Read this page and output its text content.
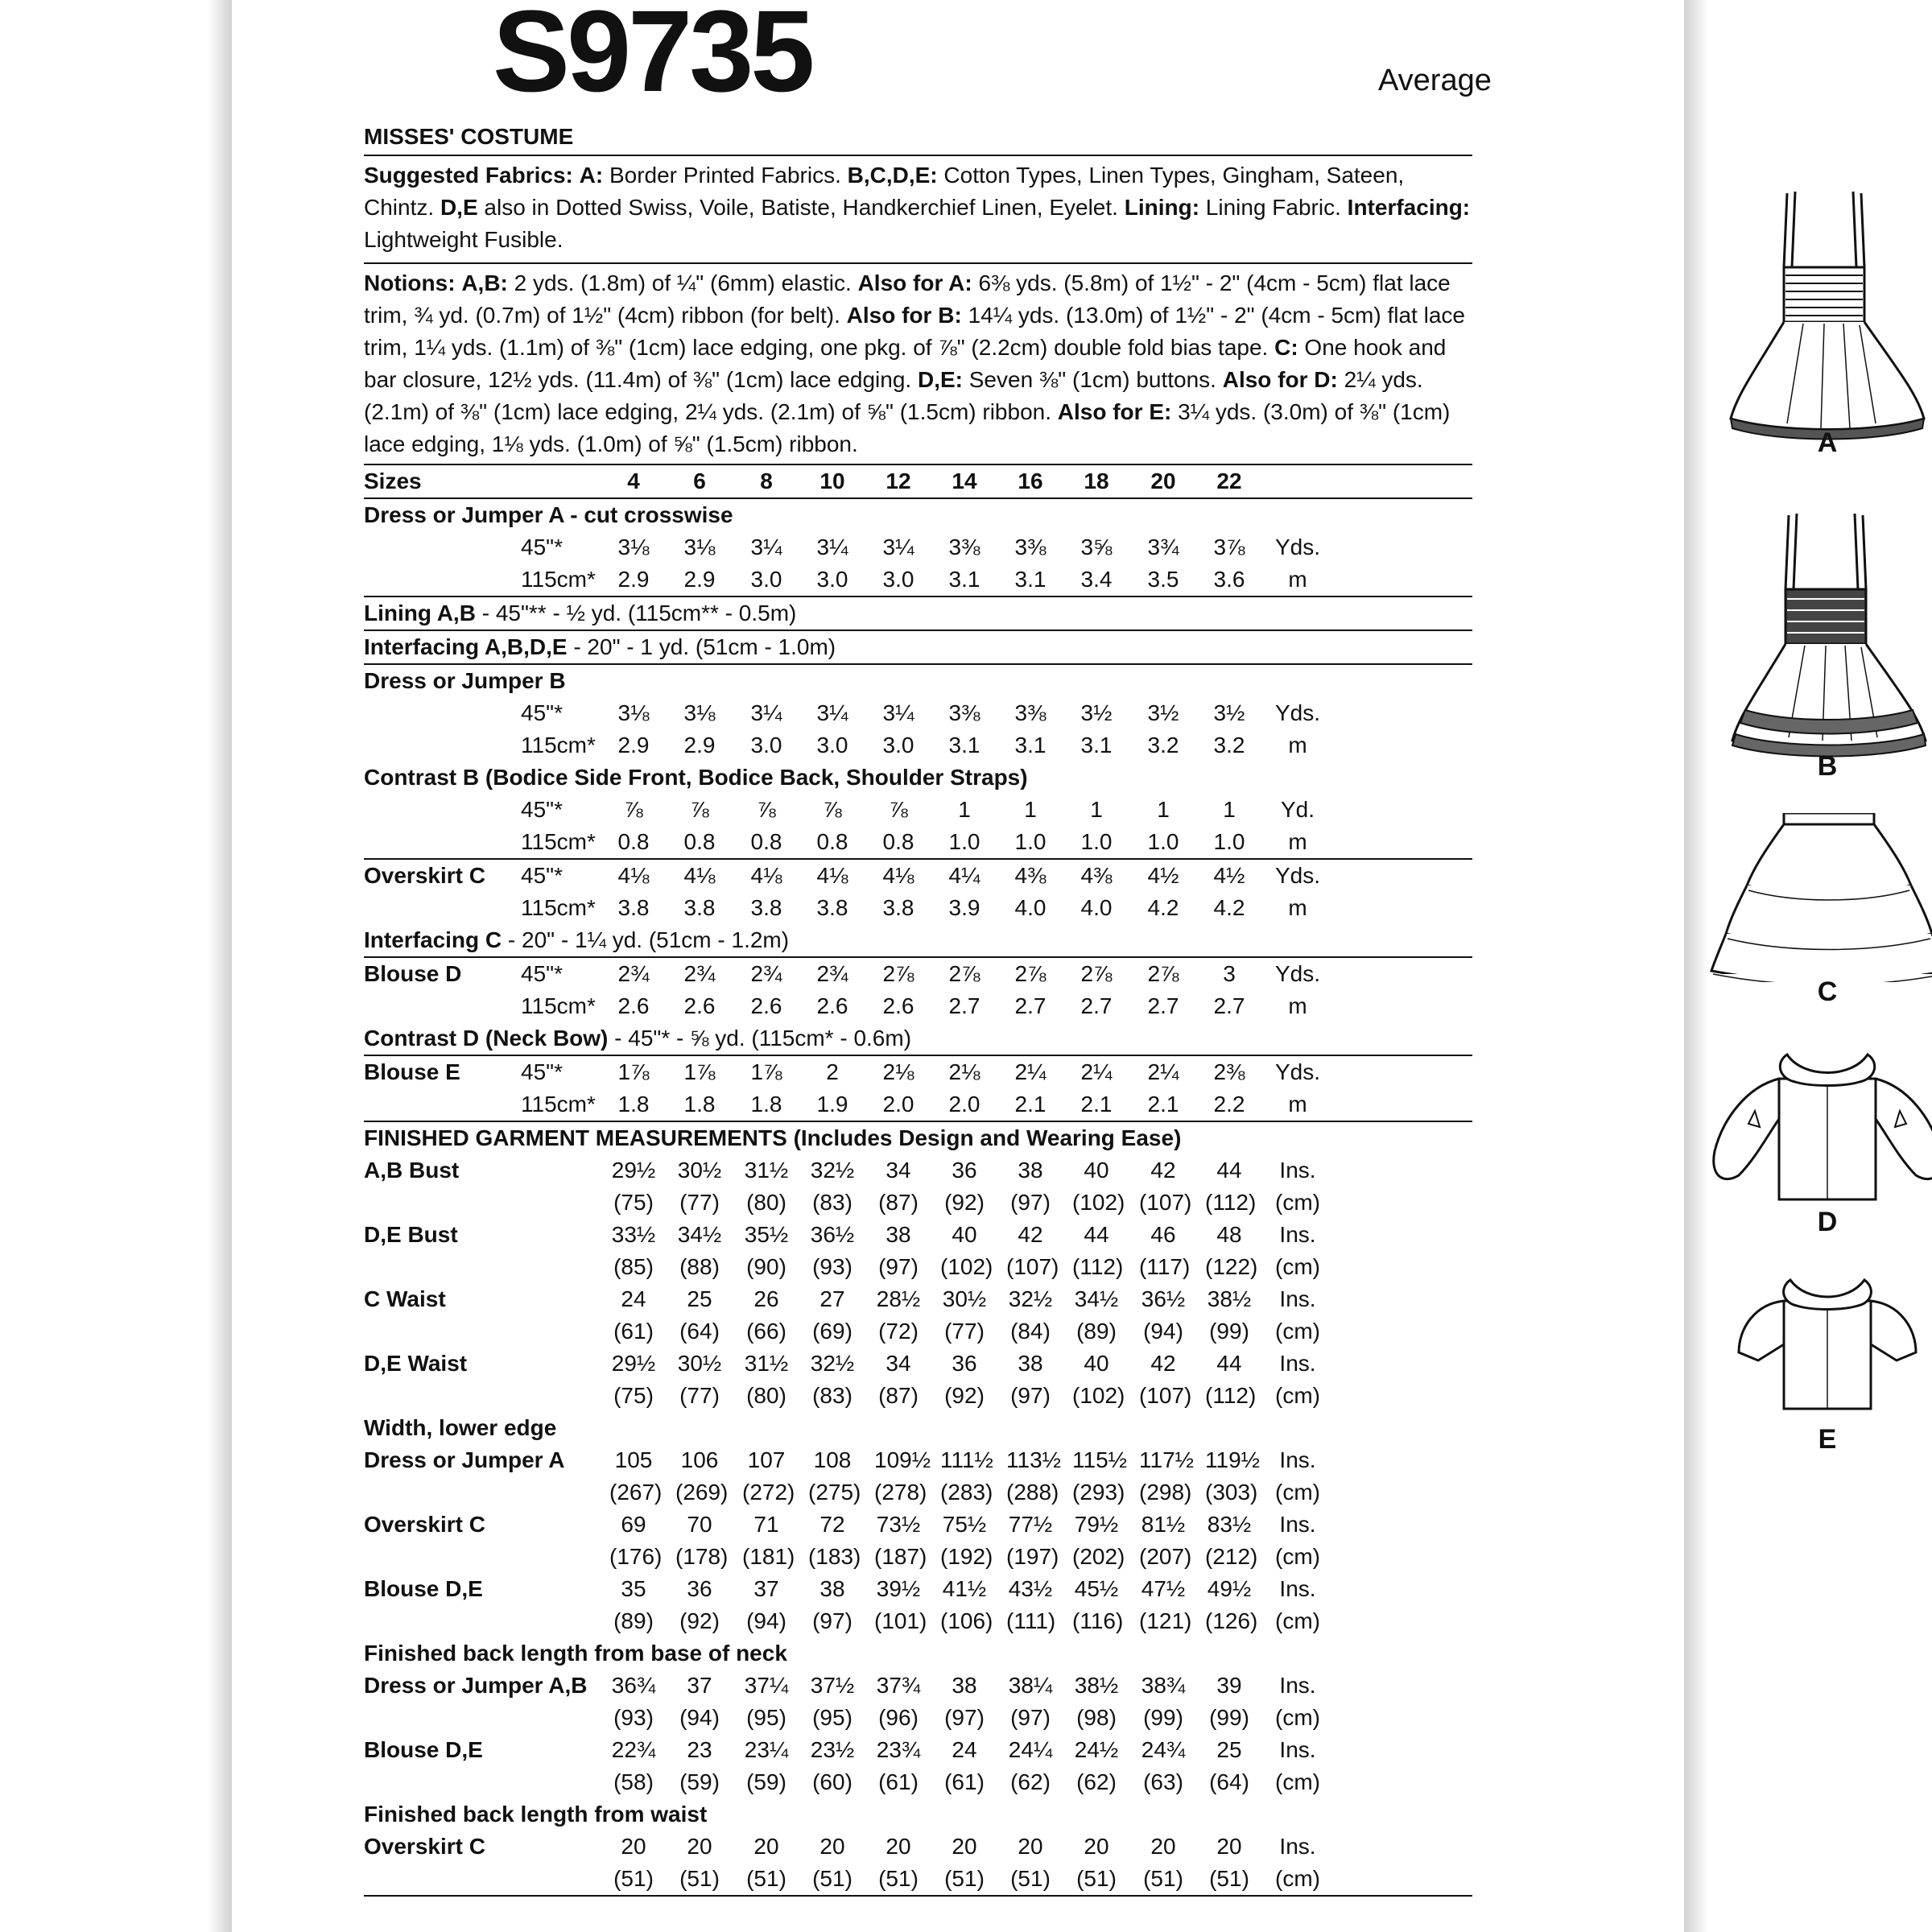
S9735	Average
MISSES' COSTUME

Suggested Fabrics: A: Border Printed Fabrics. B,C,D,E: Cotton Types, Linen Types, Gingham, Sateen, Chintz. D,E also in Dotted Swiss, Voile, Batiste, Handkerchief Linen, Eyelet. Lining: Lining Fabric. Interfacing: Lightweight Fusible.

Notions: A,B: 2 yds. (1.8m) of ¼" (6mm) elastic. Also for A: 6⅜ yds. (5.8m) of 1½" - 2" (4cm - 5cm) flat lace trim, ¾ yd. (0.7m) of 1½" (4cm) ribbon (for belt). Also for B: 14¼ yds. (13.0m) of 1½" - 2" (4cm - 5cm) flat lace trim, 1¼ yds. (1.1m) of ⅜" (1cm) lace edging, one pkg. of ⅞" (2.2cm) double fold bias tape. C: One hook and bar closure, 12½ yds. (11.4m) of ⅜" (1cm) lace edging. D,E: Seven ⅜" (1cm) buttons. Also for D: 2¼ yds. (2.1m) of ⅜" (1cm) lace edging, 2¼ yds. (2.1m) of ⅝" (1.5cm) ribbon. Also for E: 3¼ yds. (3.0m) of ⅜" (1cm) lace edging, 1⅛ yds. (1.0m) of ⅝" (1.5cm) ribbon.

Sizes	4	6	8	10	12	14	16	18	20	22
Dress or Jumper A - cut crosswise
45"*	3⅛	3⅛	3¼	3¼	3¼	3⅜	3⅜	3⅝	3¾	3⅞	Yds.
115cm* 2.9	2.9	3.0	3.0	3.0	3.1	3.1	3.4	3.5	3.6	m
Lining A,B - 45"** - ½ yd. (115cm** - 0.5m)
Interfacing A,B,D,E - 20" - 1 yd. (51cm - 1.0m)
Dress or Jumper B
45"*	3⅛	3⅛	3¼	3¼	3¼	3⅜	3⅜	3½	3½	3½	Yds.
115cm* 2.9	2.9	3.0	3.0	3.0	3.1	3.1	3.1	3.2	3.2	m
Contrast B (Bodice Side Front, Bodice Back, Shoulder Straps)
45"*	⅞	⅞	⅞	⅞	⅞	1	1	1	1	1	Yd.
115cm* 0.8	0.8	0.8	0.8	0.8	1.0	1.0	1.0	1.0	1.0	m
Overskirt C 45"*	4⅛	4⅛	4⅛	4⅛	4⅛	4¼	4⅜	4⅜	4½	4½	Yds.
115cm* 3.8	3.8	3.8	3.8	3.8	3.9	4.0	4.0	4.2	4.2	m
Interfacing C - 20" - 1¼ yd. (51cm - 1.2m)
Blouse D	45"*	2¾	2¾	2¾	2¾	2⅞	2⅞	2⅞	2⅞	2⅞	3	Yds.
115cm* 2.6	2.6	2.6	2.6	2.6	2.7	2.7	2.7	2.7	2.7	m
Contrast D (Neck Bow) - 45"* - ⅝ yd. (115cm* - 0.6m)
Blouse E	45"*	1⅞	1⅞	1⅞	2	2⅛	2⅛	2¼	2¼	2¼	2⅜	Yds.
115cm* 1.8	1.8	1.8	1.9	2.0	2.0	2.1	2.1	2.1	2.2	m
FINISHED GARMENT MEASUREMENTS (Includes Design and Wearing Ease)
A,B Bust	29½ 30½ 31½ 32½	34	36	38	40	42	44	Ins.
(75) (77) (80) (83) (87) (92) (97) (102) (107) (112) (cm)
D,E Bust	33½ 34½ 35½ 36½	38	40	42	44	46	48	Ins.
(85) (88) (90) (93) (97) (102) (107) (112) (117) (122) (cm)
C Waist	24	25	26	27	28½ 30½ 32½ 34½ 36½ 38½ Ins.
(61) (64) (66) (69) (72) (77) (84) (89) (94) (99) (cm)
D,E Waist	29½ 30½ 31½ 32½	34	36	38	40	42	44	Ins.
(75) (77) (80) (83) (87) (92) (97) (102) (107) (112) (cm)
Width, lower edge
Dress or Jumper A 105 106 107 108 109½ 111½ 113½ 115½ 117½ 119½ Ins.
(267) (269) (272) (275) (278) (283) (288) (293) (298) (303) (cm)
Overskirt C	69	70	71	72	73½ 75½ 77½ 79½ 81½ 83½ Ins.
(176) (178) (181) (183) (187) (192) (197) (202) (207) (212) (cm)
Blouse D,E	35	36	37	38	39½ 41½ 43½ 45½ 47½ 49½ Ins.
(89) (92) (94) (97) (101) (106) (111) (116) (121) (126) (cm)
Finished back length from base of neck
Dress or Jumper A,B 36¾	37	37¼ 37½ 37¾	38	38¼ 38½ 38¾	39	Ins.
(93) (94) (95) (95) (96) (97) (97) (98) (99) (99) (cm)
Blouse D,E	22¾	23	23¼ 23½ 23¾	24	24¼ 24½ 24¾	25	Ins.
(58) (59) (59) (60) (61) (61) (62) (62) (63) (64) (cm)
Finished back length from waist
Overskirt C	20	20	20	20	20	20	20	20	20	20	Ins.
(51) (51) (51) (51) (51) (51) (51) (51) (51) (51) (cm)
A
B
C
D
E
